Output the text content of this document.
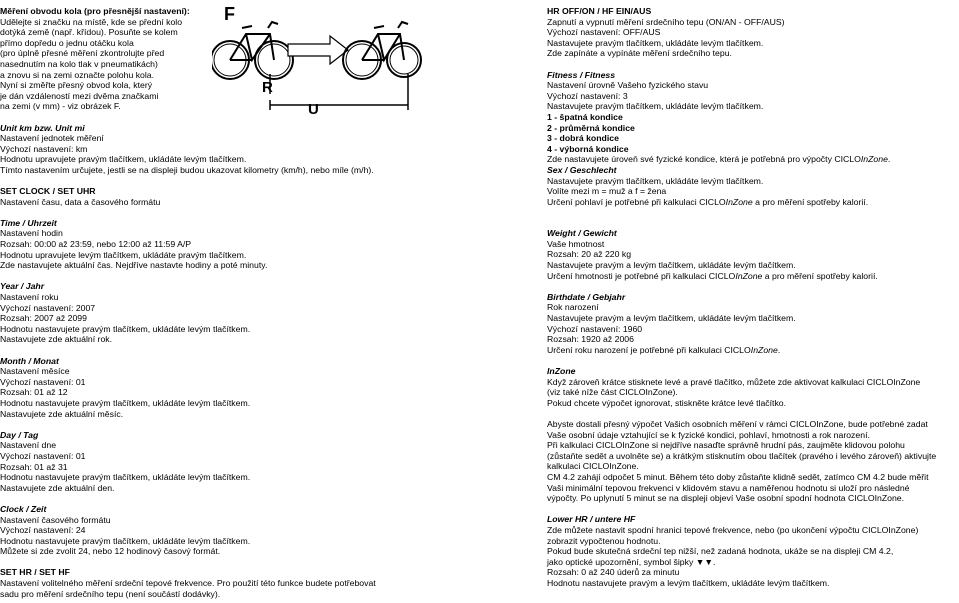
Měření obvodu kola (pro přesnější nastavení):

Udělejte si značku na místě, kde se přední kolo

dotýká země (např. křídou). Posuňte se kolem

přímo dopředu o jednu otáčku kola

(pro úplně přesné měření zkontrolujte před

nasednutím na kolo tlak v pneumatikách)

a znovu si na zemi označte polohu kola.

Nyní si změřte přesný obvod kola, který

je dán vzdáleností mezi dvěma značkami

na zemi (v mm) - viz obrázek F.

Unit km bzw. Unit mi

Nastavení jednotek měření

Výchozí nastavení: km

Hodnotu upravujete pravým tlačítkem, ukládáte levým tlačítkem.

Tímto nastavením určujete, jestli se na displeji budou ukazovat kilometry (km/h), nebo míle (m/h).

SET CLOCK / SET UHR

Nastavení času, data a časového formátu

Time / Uhrzeit

Nastavení hodin

Rozsah: 00:00 až 23:59, nebo 12:00 až 11:59 A/P

Hodnotu upravujete levým tlačítkem, ukládáte pravým tlačítkem.

Zde nastavujete aktuální čas. Nejdříve nastavte hodiny a poté minuty.

Year / Jahr

Nastavení roku

Výchozí nastavení: 2007

Rozsah: 2007 až 2099

Hodnotu nastavujete pravým tlačítkem, ukládáte levým tlačítkem.

Nastavujete zde aktuální rok.

Month / Monat

Nastavení měsíce

Výchozí nastavení: 01

Rozsah: 01 až 12

Hodnotu nastavujete pravým tlačítkem, ukládáte levým tlačítkem.

Nastavujete zde aktuální měsíc.

Day / Tag

Nastavení dne

Výchozí nastavení: 01

Rozsah: 01 až 31

Hodnotu nastavujete pravým tlačítkem, ukládáte levým tlačítkem.

Nastavujete zde aktuální den.

Clock / Zeit

Nastavení časového formátu

Výchozí nastavení: 24

Hodnotu nastavujete pravým tlačítkem, ukládáte levým tlačítkem.

Můžete si zde zvolit 24, nebo 12 hodinový časový formát.

SET HR / SET HF

Nastavení volitelného měření srdeční tepové frekvence. Pro použití této funkce budete potřebovat

sadu pro měření srdečního tepu (není součástí dodávky).

F
R
U

HR OFF/ON / HF EIN/AUS

Zapnutí a vypnutí měření srdečního tepu (ON/AN - OFF/AUS)

Výchozí nastavení: OFF/AUS

Nastavujete pravým tlačítkem, ukládáte levým tlačítkem.

Zde zapínáte a vypínáte měření srdečního tepu.

Fitness / Fitness

Nastavení úrovně Vašeho fyzického stavu

Výchozí nastavení: 3

Nastavujete pravým tlačítkem, ukládáte levým tlačítkem.

1 - špatná kondice

2 - průměrná kondice

3 - dobrá kondice

4 - výborná kondice

Zde nastavujete úroveň své fyzické kondice, která je potřebná pro výpočty CICLOInZone.

Sex / Geschlecht

Nastavujete pravým tlačítkem, ukládáte levým tlačítkem.

Volíte mezi m = muž a f = žena

Určení pohlaví je potřebné při kalkulaci CICLOInZone a pro měření spotřeby kalorií.

Weight / Gewicht

Vaše hmotnost

Rozsah: 20 až 220 kg

Nastavujete pravým a levým tlačítkem, ukládáte levým tlačítkem.

Určení hmotnosti je potřebné při kalkulaci CICLOInZone a pro měření spotřeby kalorií.

Birthdate / Gebjahr

Rok narození

Nastavujete pravým a levým tlačítkem, ukládáte levým tlačítkem.

Výchozí nastavení: 1960

Rozsah: 1920 až 2006

Určení roku narození je potřebné při kalkulaci CICLOInZone.

InZone

Když zároveň krátce stisknete levé a pravé tlačítko, můžete zde aktivovat kalkulaci CICLOInZone

(viz také níže část CICLOInZone).

Pokud chcete výpočet ignorovat, stiskněte krátce levé tlačítko.

Abyste dostali přesný výpočet Vašich osobních měření v rámci CICLOInZone, bude potřebné zadat

Vaše osobní údaje vztahující se k fyzické kondici, pohlaví, hmotnosti a rok narození.

Při kalkulaci CICLOInZone si nejdříve nasaďte správně hrudní pás, zaujměte klidovou polohu

(zůstaňte sedět a uvolněte se) a krátkým stisknutím obou tlačítek (pravého i levého zároveň) aktivujte

kalkulaci CICLOInZone.

CM 4.2 zahájí odpočet 5 minut. Během této doby zůstaňte klidně sedět, zatímco CM 4.2 bude měřit

Vaši minimální tepovou frekvenci v klidovém stavu a naměřenou hodnotu si uloží pro následné

výpočty. Po uplynutí 5 minut se na displeji objeví Vaše osobní spodní hodnota CICLOInZone.

Lower HR / untere HF

Zde můžete nastavit spodní hranici tepové frekvence, nebo (po ukončení výpočtu CICLOInZone)

zobrazit vypočtenou hodnotu.

Pokud bude skutečná srdeční tep nižší, než zadaná hodnota, ukáže se na displeji CM 4.2,

jako optické upozornění, symbol šipky ▼▼.

Rozsah: 0 až 240 úderů za minutu

Hodnotu nastavujete pravým a levým tlačítkem, ukládáte levým tlačítkem.
